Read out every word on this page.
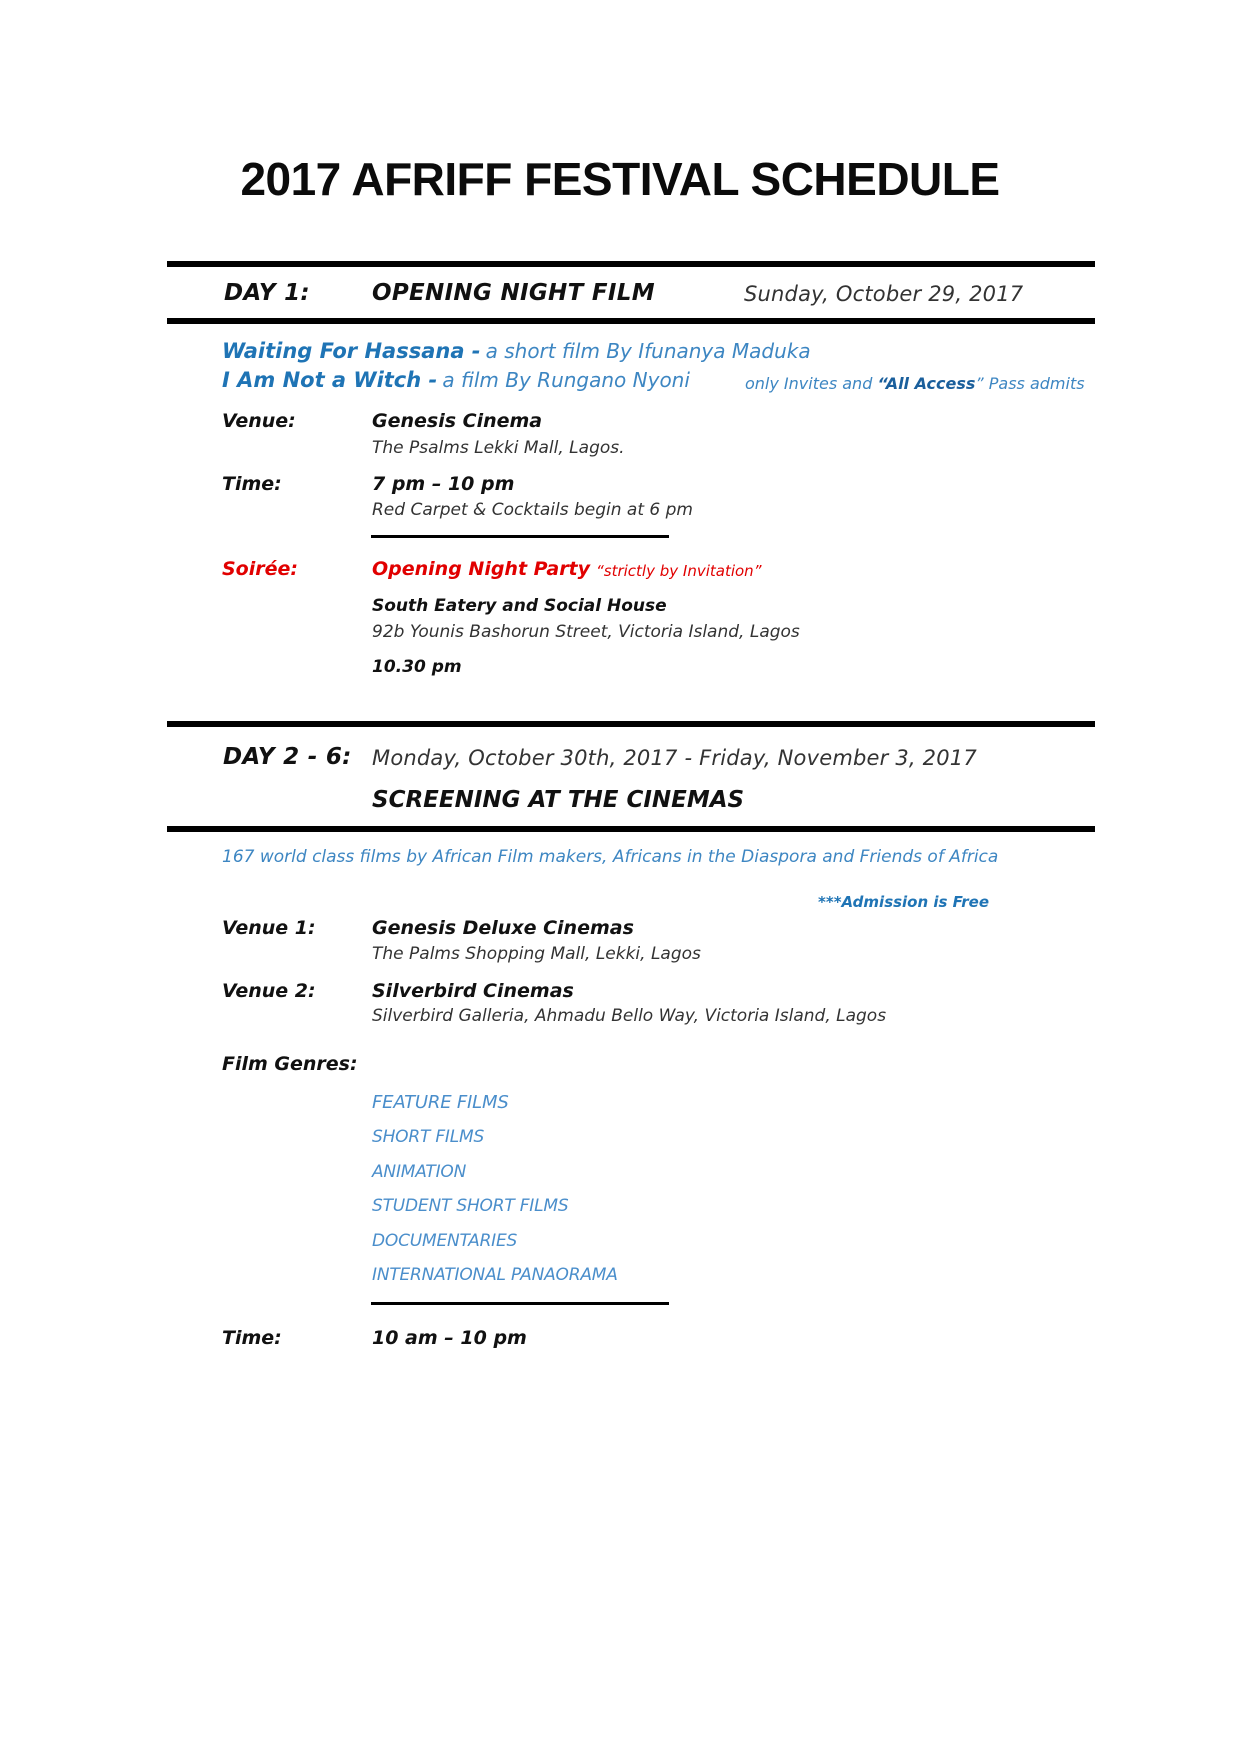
2017 AFRIFF FESTIVAL SCHEDULE
DAY 1:	OPENING NIGHT FILM	Sunday, October 29, 2017
Waiting For Hassana - a short film By Ifunanya Maduka
I Am Not a Witch - a film By Rungano Nyoni	only Invites and “All Access” Pass admits
Venue:	Genesis Cinema
The Psalms Lekki Mall, Lagos.
Time:	7 pm – 10 pm
Red Carpet & Cocktails begin at 6 pm
Soirée:	Opening Night Party “strictly by Invitation”
South Eatery and Social House
92b Younis Bashorun Street, Victoria Island, Lagos
10.30 pm
DAY 2 - 6: Monday, October 30th, 2017 - Friday, November 3, 2017
SCREENING AT THE CINEMAS
167 world class films by African Film makers, Africans in the Diaspora and Friends of Africa
***Admission is Free
Venue 1:	Genesis Deluxe Cinemas
The Palms Shopping Mall, Lekki, Lagos
Venue 2:	Silverbird Cinemas
Silverbird Galleria, Ahmadu Bello Way, Victoria Island, Lagos
Film Genres:
FEATURE FILMS
SHORT FILMS
ANIMATION
STUDENT SHORT FILMS
DOCUMENTARIES
INTERNATIONAL PANAORAMA
Time:	10 am – 10 pm
